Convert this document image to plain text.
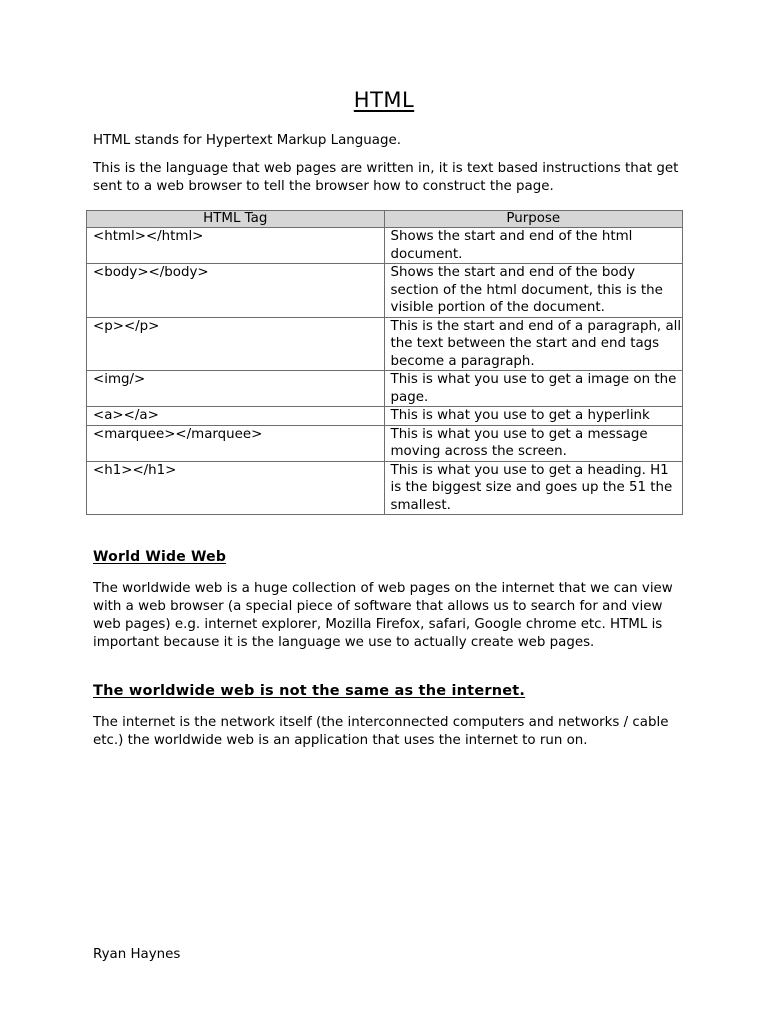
HTML

HTML stands for Hypertext Markup Language.

This is the language that web pages are written in, it is text based instructions that get sent to a web browser to tell the browser how to construct the page.

HTML Tag	Purpose
<html></html>	Shows the start and end of the html document.
<body></body>	Shows the start and end of the body section of the html document, this is the visible portion of the document.
<p></p>	This is the start and end of a paragraph, all the text between the start and end tags become a paragraph.
<img/>	This is what you use to get a image on the page.
<a></a>	This is what you use to get a hyperlink
<marquee></marquee>	This is what you use to get a message moving across the screen.
<h1></h1>	This is what you use to get a heading. H1 is the biggest size and goes up the 51 the smallest.
World Wide Web

The worldwide web is a huge collection of web pages on the internet that we can view with a web browser (a special piece of software that allows us to search for and view web pages) e.g. internet explorer, Mozilla Firefox, safari, Google chrome etc. HTML is important because it is the language we use to actually create web pages.

The worldwide web is not the same as the internet.

The internet is the network itself (the interconnected computers and networks / cable etc.) the worldwide web is an application that uses the internet to run on.

Ryan Haynes
